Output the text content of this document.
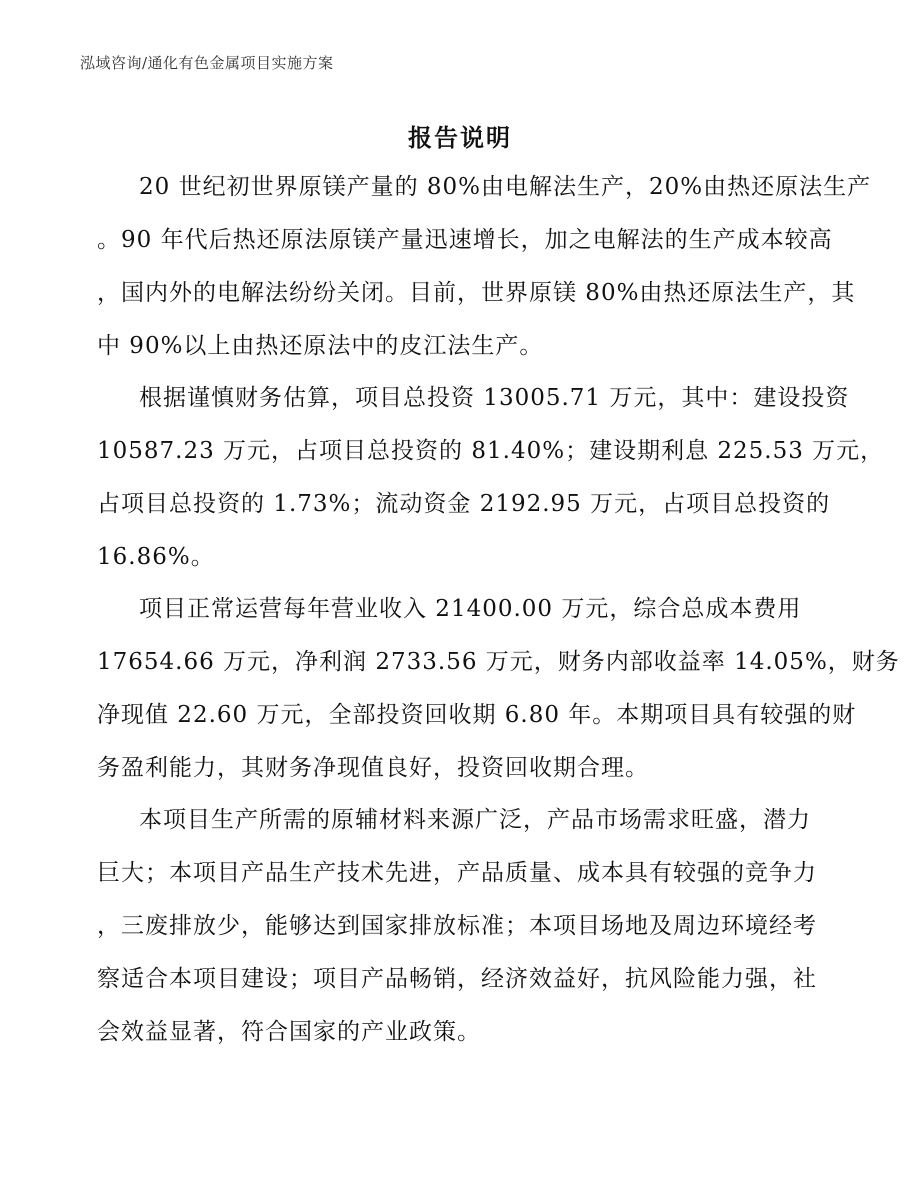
泓域咨询/通化有色金属项目实施方案
报告说明
20 世纪初世界原镁产量的 80%由电解法生产，20%由热还原法生产
。90 年代后热还原法原镁产量迅速增长，加之电解法的生产成本较高
，国内外的电解法纷纷关闭。目前，世界原镁 80%由热还原法生产，其
中 90%以上由热还原法中的皮江法生产。
根据谨慎财务估算，项目总投资 13005.71 万元，其中：建设投资
10587.23 万元，占项目总投资的 81.40%；建设期利息 225.53 万元，
占项目总投资的 1.73%；流动资金 2192.95 万元，占项目总投资的
16.86%。
项目正常运营每年营业收入 21400.00 万元，综合总成本费用
17654.66 万元，净利润 2733.56 万元，财务内部收益率 14.05%，财务
净现值 22.60 万元，全部投资回收期 6.80 年。本期项目具有较强的财
务盈利能力，其财务净现值良好，投资回收期合理。
本项目生产所需的原辅材料来源广泛，产品市场需求旺盛，潜力
巨大；本项目产品生产技术先进，产品质量、成本具有较强的竞争力
，三废排放少，能够达到国家排放标准；本项目场地及周边环境经考
察适合本项目建设；项目产品畅销，经济效益好，抗风险能力强，社
会效益显著，符合国家的产业政策。
